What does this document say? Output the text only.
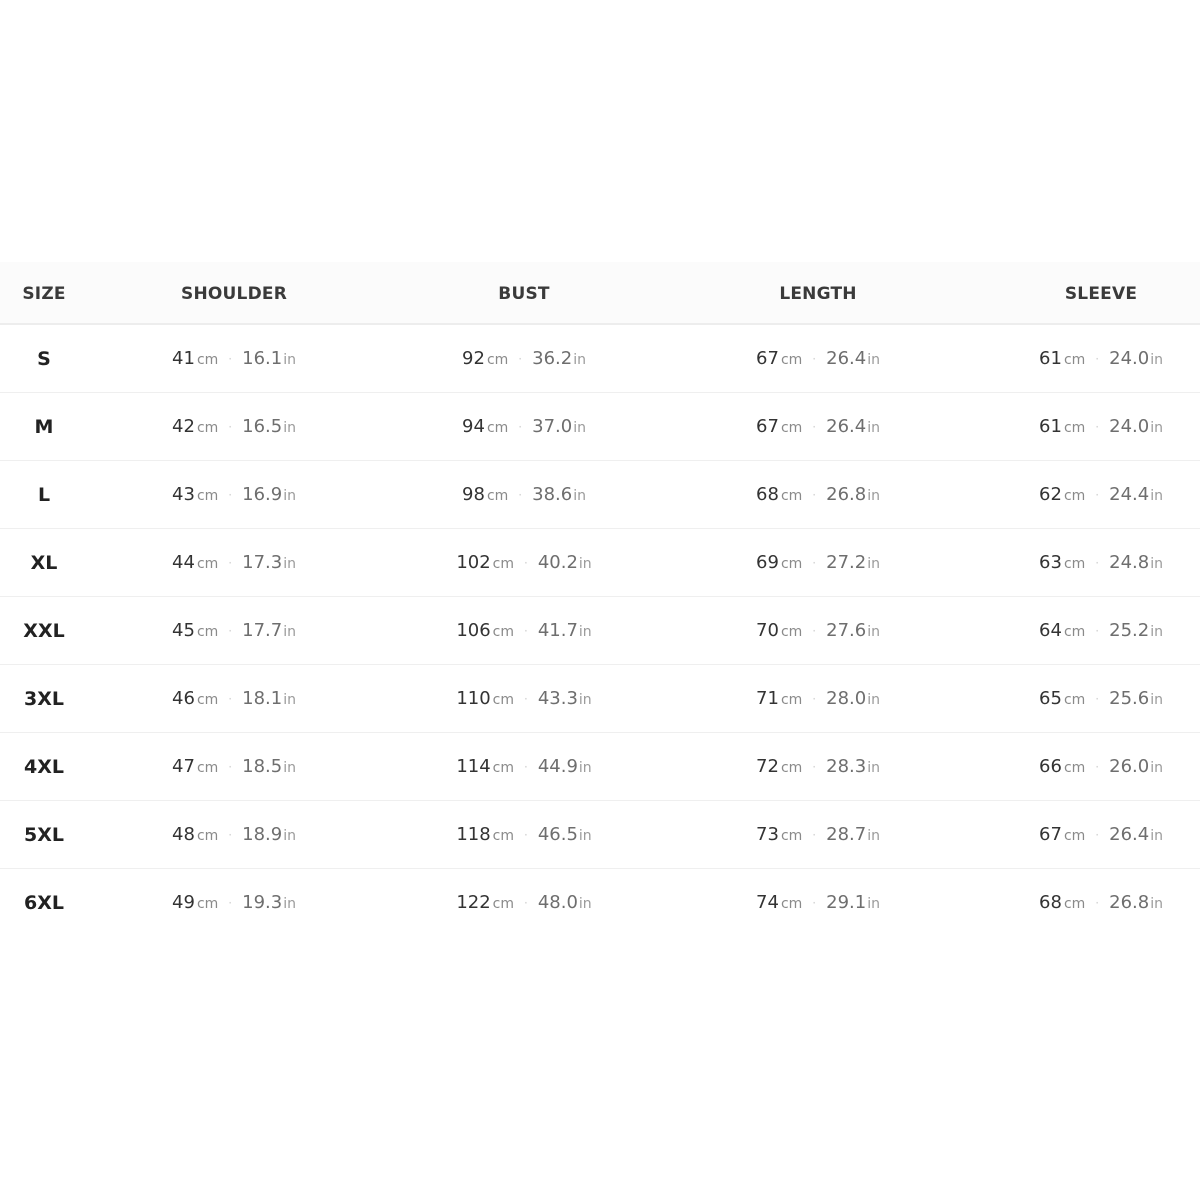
SIZE	SHOULDER	BUST	LENGTH	SLEEVE
S	41 cm · 16.1 in	92 cm · 36.2 in	67 cm · 26.4 in	61 cm · 24.0 in
M	42 cm · 16.5 in	94 cm · 37.0 in	67 cm · 26.4 in	61 cm · 24.0 in
L	43 cm · 16.9 in	98 cm · 38.6 in	68 cm · 26.8 in	62 cm · 24.4 in
XL	44 cm · 17.3 in	102 cm · 40.2 in	69 cm · 27.2 in	63 cm · 24.8 in
XXL	45 cm · 17.7 in	106 cm · 41.7 in	70 cm · 27.6 in	64 cm · 25.2 in
3XL	46 cm · 18.1 in	110 cm · 43.3 in	71 cm · 28.0 in	65 cm · 25.6 in
4XL	47 cm · 18.5 in	114 cm · 44.9 in	72 cm · 28.3 in	66 cm · 26.0 in
5XL	48 cm · 18.9 in	118 cm · 46.5 in	73 cm · 28.7 in	67 cm · 26.4 in
6XL	49 cm · 19.3 in	122 cm · 48.0 in	74 cm · 29.1 in	68 cm · 26.8 in
